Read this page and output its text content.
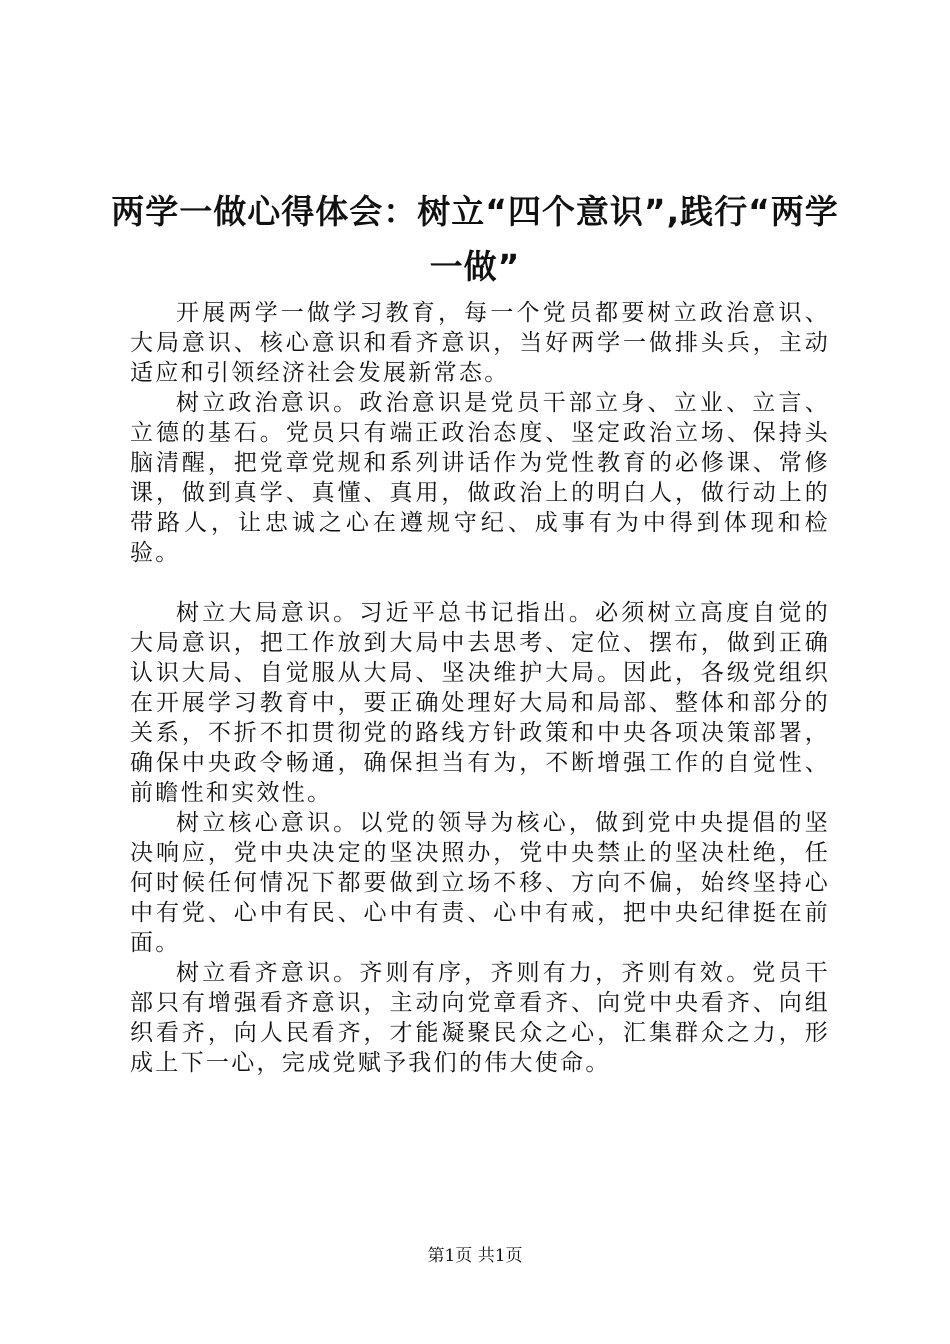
两学一做心得体会：树立“四个意识”,践行“两学一做”

开展两学一做学习教育，每一个党员都要树立政治意识、大局意识、核心意识和看齐意识，当好两学一做排头兵，主动适应和引领经济社会发展新常态。

树立政治意识。政治意识是党员干部立身、立业、立言、立德的基石。党员只有端正政治态度、坚定政治立场、保持头脑清醒，把党章党规和系列讲话作为党性教育的必修课、常修课，做到真学、真懂、真用，做政治上的明白人，做行动上的带路人，让忠诚之心在遵规守纪、成事有为中得到体现和检验。

树立大局意识。习近平总书记指出。必须树立高度自觉的大局意识，把工作放到大局中去思考、定位、摆布，做到正确认识大局、自觉服从大局、坚决维护大局。因此，各级党组织在开展学习教育中，要正确处理好大局和局部、整体和部分的关系，不折不扣贯彻党的路线方针政策和中央各项决策部署，确保中央政令畅通，确保担当有为，不断增强工作的自觉性、前瞻性和实效性。

树立核心意识。以党的领导为核心，做到党中央提倡的坚决响应，党中央决定的坚决照办，党中央禁止的坚决杜绝，任何时候任何情况下都要做到立场不移、方向不偏，始终坚持心中有党、心中有民、心中有责、心中有戒，把中央纪律挺在前面。

树立看齐意识。齐则有序，齐则有力，齐则有效。党员干部只有增强看齐意识，主动向党章看齐、向党中央看齐、向组织看齐，向人民看齐，才能凝聚民众之心，汇集群众之力，形成上下一心，完成党赋予我们的伟大使命。

第1页 共1页
